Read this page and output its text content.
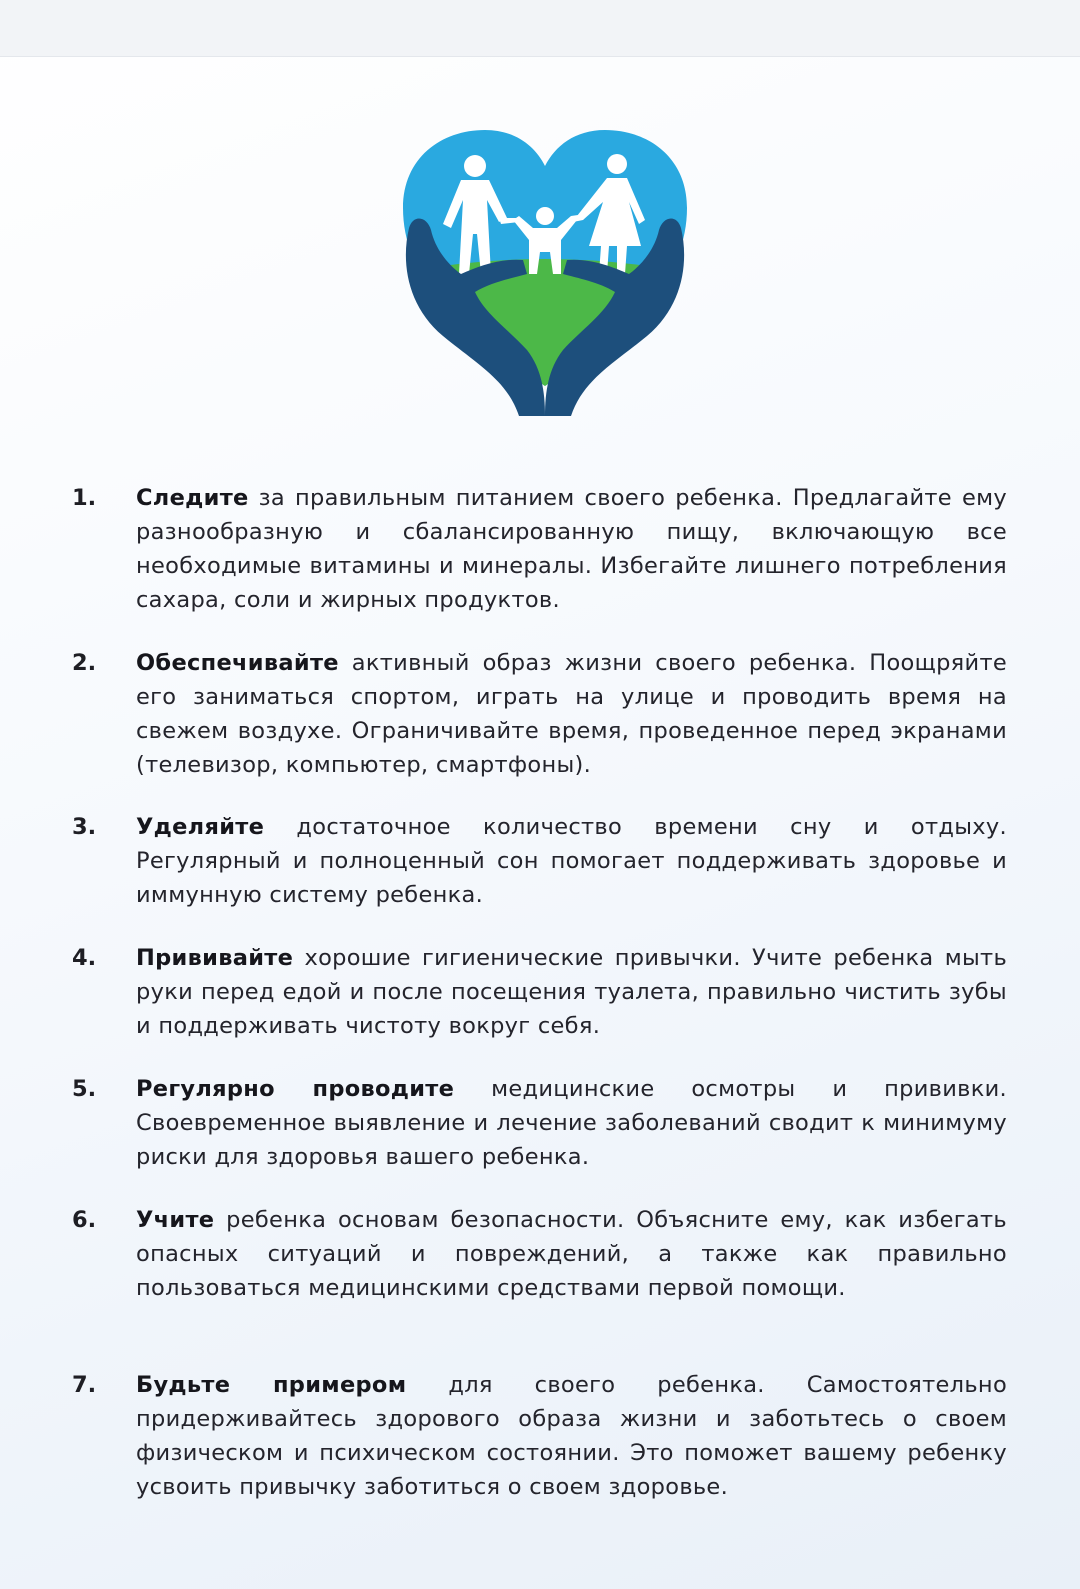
1. Следите за правильным питанием своего ребенка. Предлагайте ему разнообразную и сбалансированную пищу, включающую все необходимые витамины и минералы. Избегайте лишнего потребления сахара, соли и жирных продуктов.
2. Обеспечивайте активный образ жизни своего ребенка. Поощряйте его заниматься спортом, играть на улице и проводить время на свежем воздухе. Ограничивайте время, проведенное перед экранами (телевизор, компьютер, смартфоны).
3. Уделяйте достаточное количество времени сну и отдыху. Регулярный и полноценный сон помогает поддерживать здоровье и иммунную систему ребенка.
4. Прививайте хорошие гигиенические привычки. Учите ребенка мыть руки перед едой и после посещения туалета, правильно чистить зубы и поддерживать чистоту вокруг себя.
5. Регулярно проводите медицинские осмотры и прививки. Своевременное выявление и лечение заболеваний сводит к минимуму риски для здоровья вашего ребенка.
6. Учите ребенка основам безопасности. Объясните ему, как избегать опасных ситуаций и повреждений, а также как правильно пользоваться медицинскими средствами первой помощи.
7. Будьте примером для своего ребенка. Самостоятельно придерживайтесь здорового образа жизни и заботьтесь о своем физическом и психическом состоянии. Это поможет вашему ребенку усвоить привычку заботиться о своем здоровье.
